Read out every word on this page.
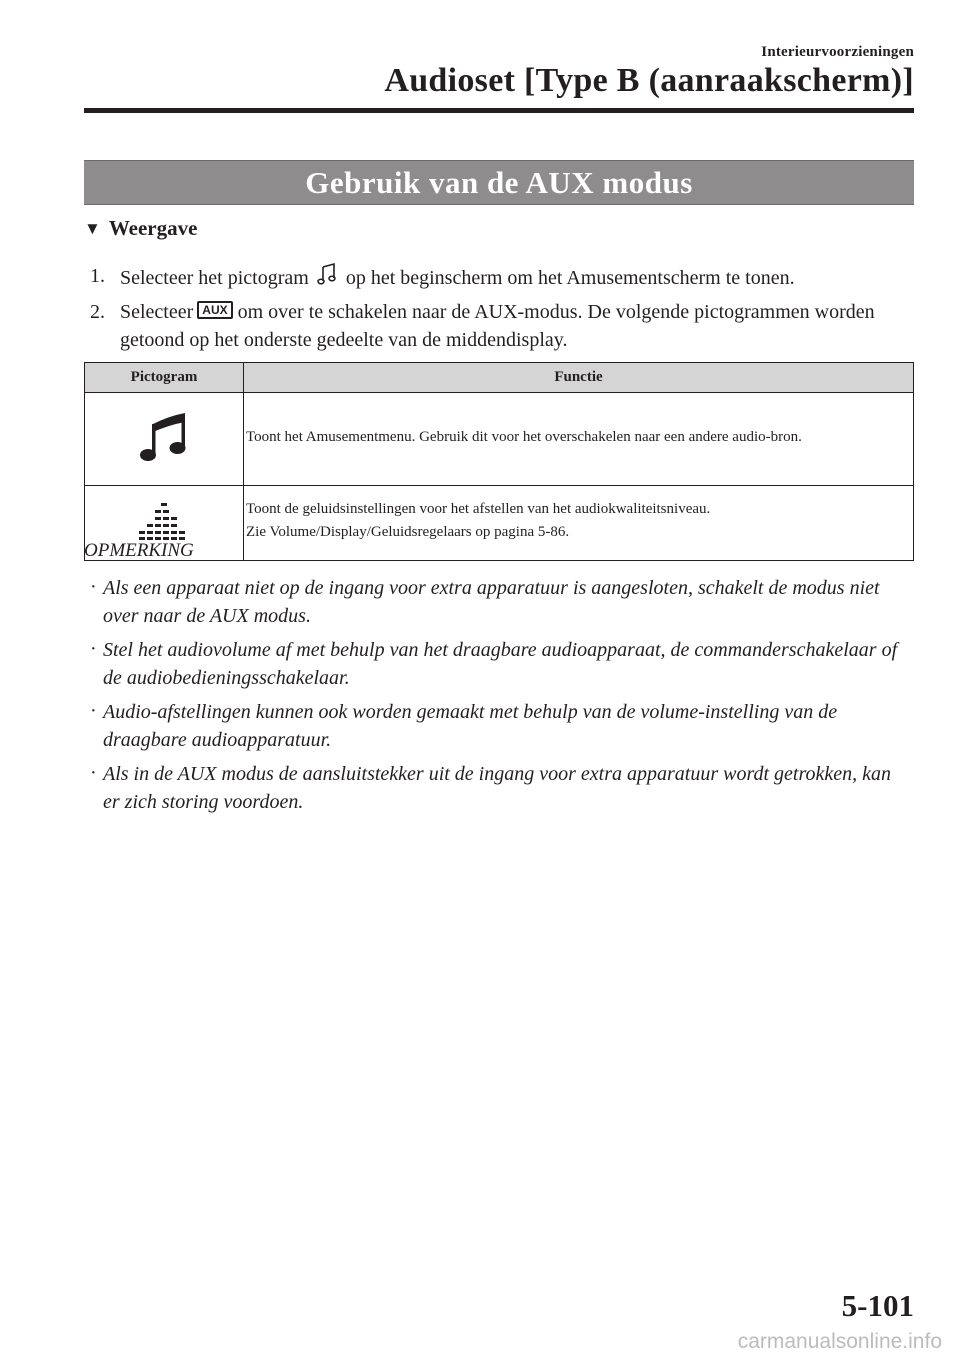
Interieurvoorzieningen
Audioset [Type B (aanraakscherm)]
Gebruik van de AUX modus
▼ Weergave
1. Selecteer het pictogram op het beginscherm om het Amusementscherm te tonen.
2. Selecteer AUX om over te schakelen naar de AUX-modus. De volgende pictogrammen worden getoond op het onderste gedeelte van de middendisplay.
Pictogram	Functie
	Toont het Amusementmenu. Gebruik dit voor het overschakelen naar een andere audio-bron.
	Toont de geluidsinstellingen voor het afstellen van het audiokwaliteitsniveau.
Zie Volume/Display/Geluidsregelaars op pagina 5-86.
OPMERKING
· Als een apparaat niet op de ingang voor extra apparatuur is aangesloten, schakelt de modus niet over naar de AUX modus.
· Stel het audiovolume af met behulp van het draagbare audioapparaat, de commanderschakelaar of de audiobedieningsschakelaar.
· Audio-afstellingen kunnen ook worden gemaakt met behulp van de volume-instelling van de draagbare audioapparatuur.
· Als in de AUX modus de aansluitstekker uit de ingang voor extra apparatuur wordt getrokken, kan er zich storing voordoen.
5-101
carmanualsonline.info
